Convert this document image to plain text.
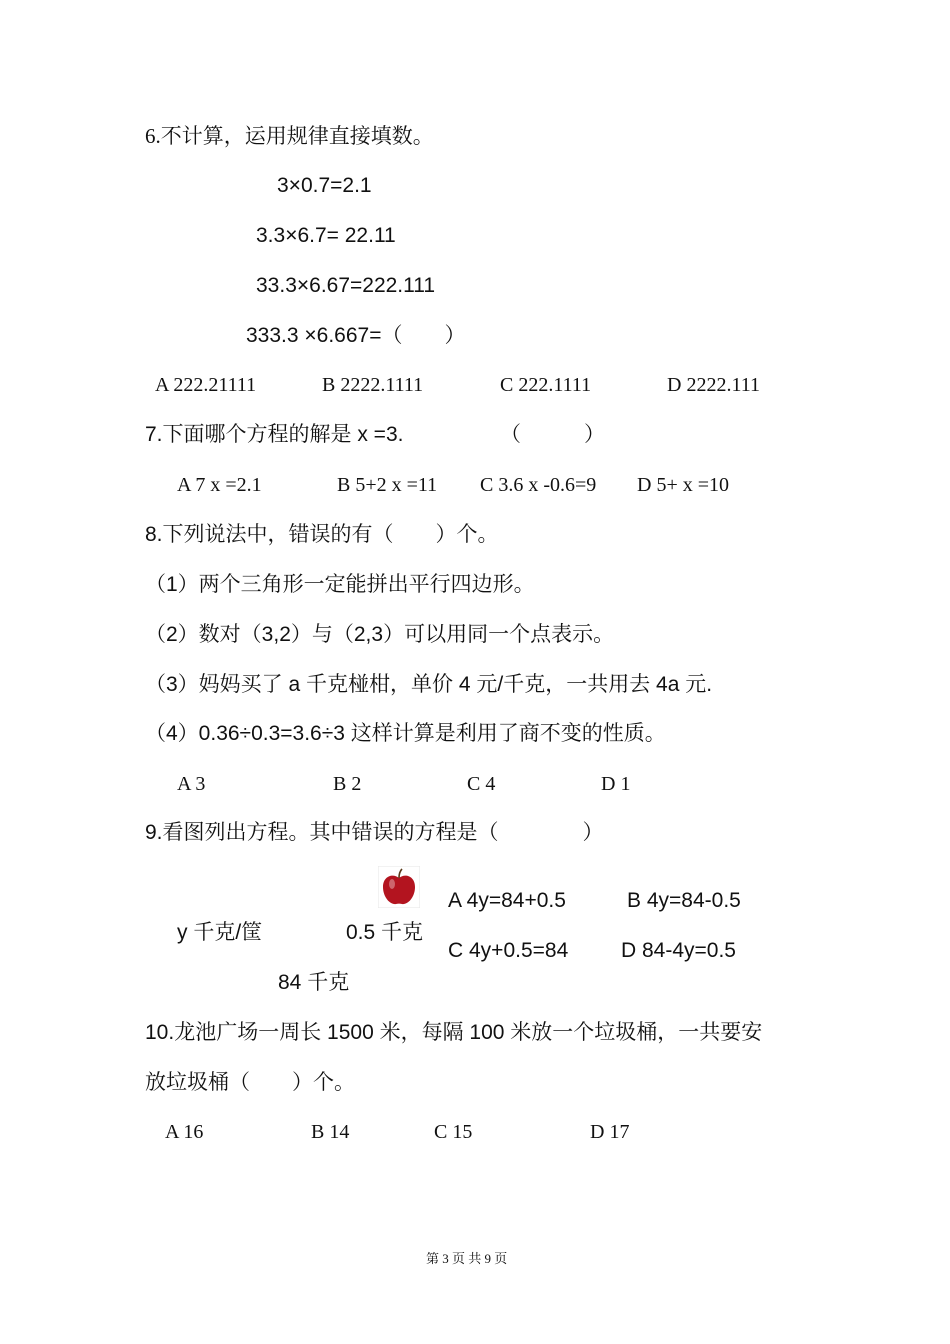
6.不计算，运用规律直接填数。
3×0.7=2.1
3.3×6.7= 22.11
33.3×6.67=222.111
333.3 ×6.667=（　　）
A 222.21111	B 2222.1111	C 222.1111	D 2222.111
7.下面哪个方程的解是 x =3.	（　　　）
A 7 x =2.1	B 5+2 x =11 C 3.6 x -0.6=9 D 5+ x =10
8.下列说法中，错误的有（　　）个。
（1）两个三角形一定能拼出平行四边形。
（2）数对（3,2）与（2,3）可以用同一个点表示。
（3）妈妈买了 a 千克椪柑，单价 4 元/千克，一共用去 4a 元.
（4）0.36÷0.3=3.6÷3 这样计算是利用了商不变的性质。
A 3	B 2	C 4	D 1
9.看图列出方程。其中错误的方程是（　　　　）
A 4y=84+0.5	B 4y=84-0.5
y 千克/筐	0.5 千克
C 4y+0.5=84	D 84-4y=0.5
84 千克
10.龙池广场一周长 1500 米，每隔 100 米放一个垃圾桶，一共要安
放垃圾桶（　　）个。
A 16	B 14	C 15	D 17
第 3 页 共 9 页
